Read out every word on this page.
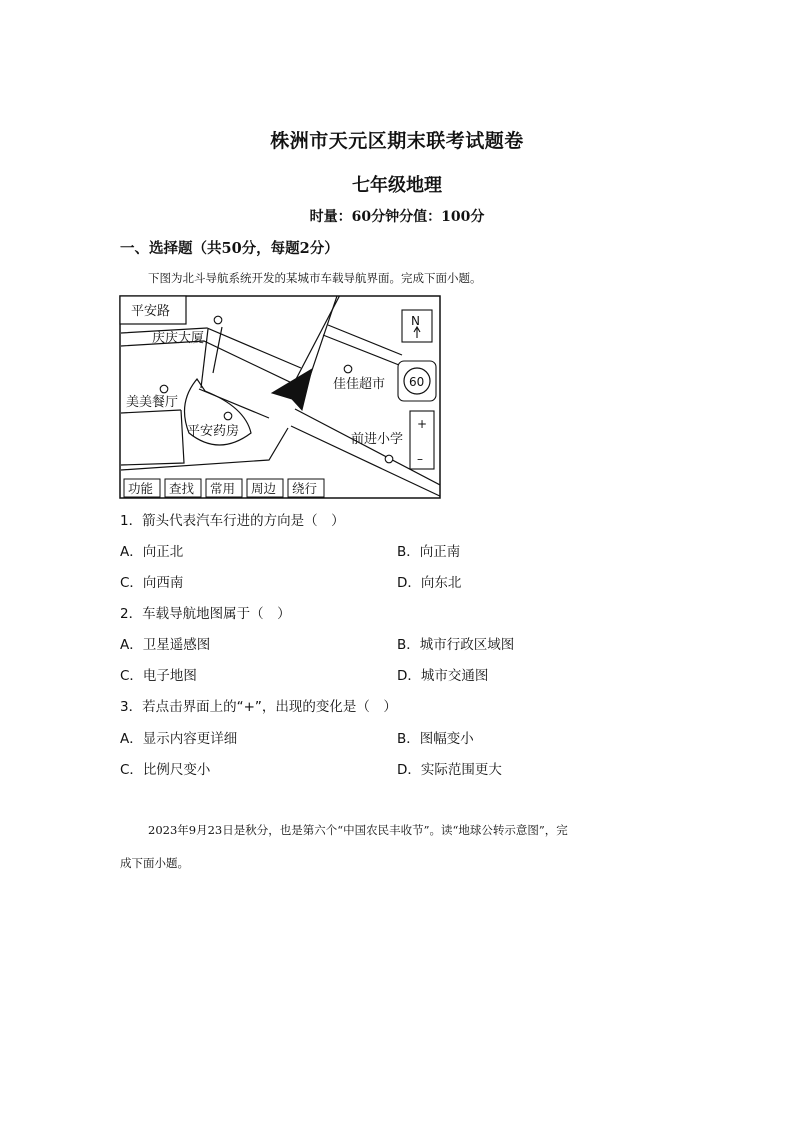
株洲市天元区期末联考试题卷
七年级地理
时量：60分钟分值：100分
一、选择题（共50分，每题2分）
下图为北斗导航系统开发的某城市车载导航界面。完成下面小题。
平安路
庆庆大厦
美美餐厅
平安药房
佳佳超市
前进小学
N
60
+
–
功能 查找 常用 周边 绕行
1．箭头代表汽车行进的方向是（　）
A．向正北	B．向正南
C．向西南	D．向东北
2．车载导航地图属于（　）
A．卫星遥感图	B．城市行政区域图
C．电子地图	D．城市交通图
3．若点击界面上的“+”，出现的变化是（　）
A．显示内容更详细	B．图幅变小
C．比例尺变小	D．实际范围更大
2023年9月23日是秋分，也是第六个“中国农民丰收节”。读“地球公转示意图”，完
成下面小题。
